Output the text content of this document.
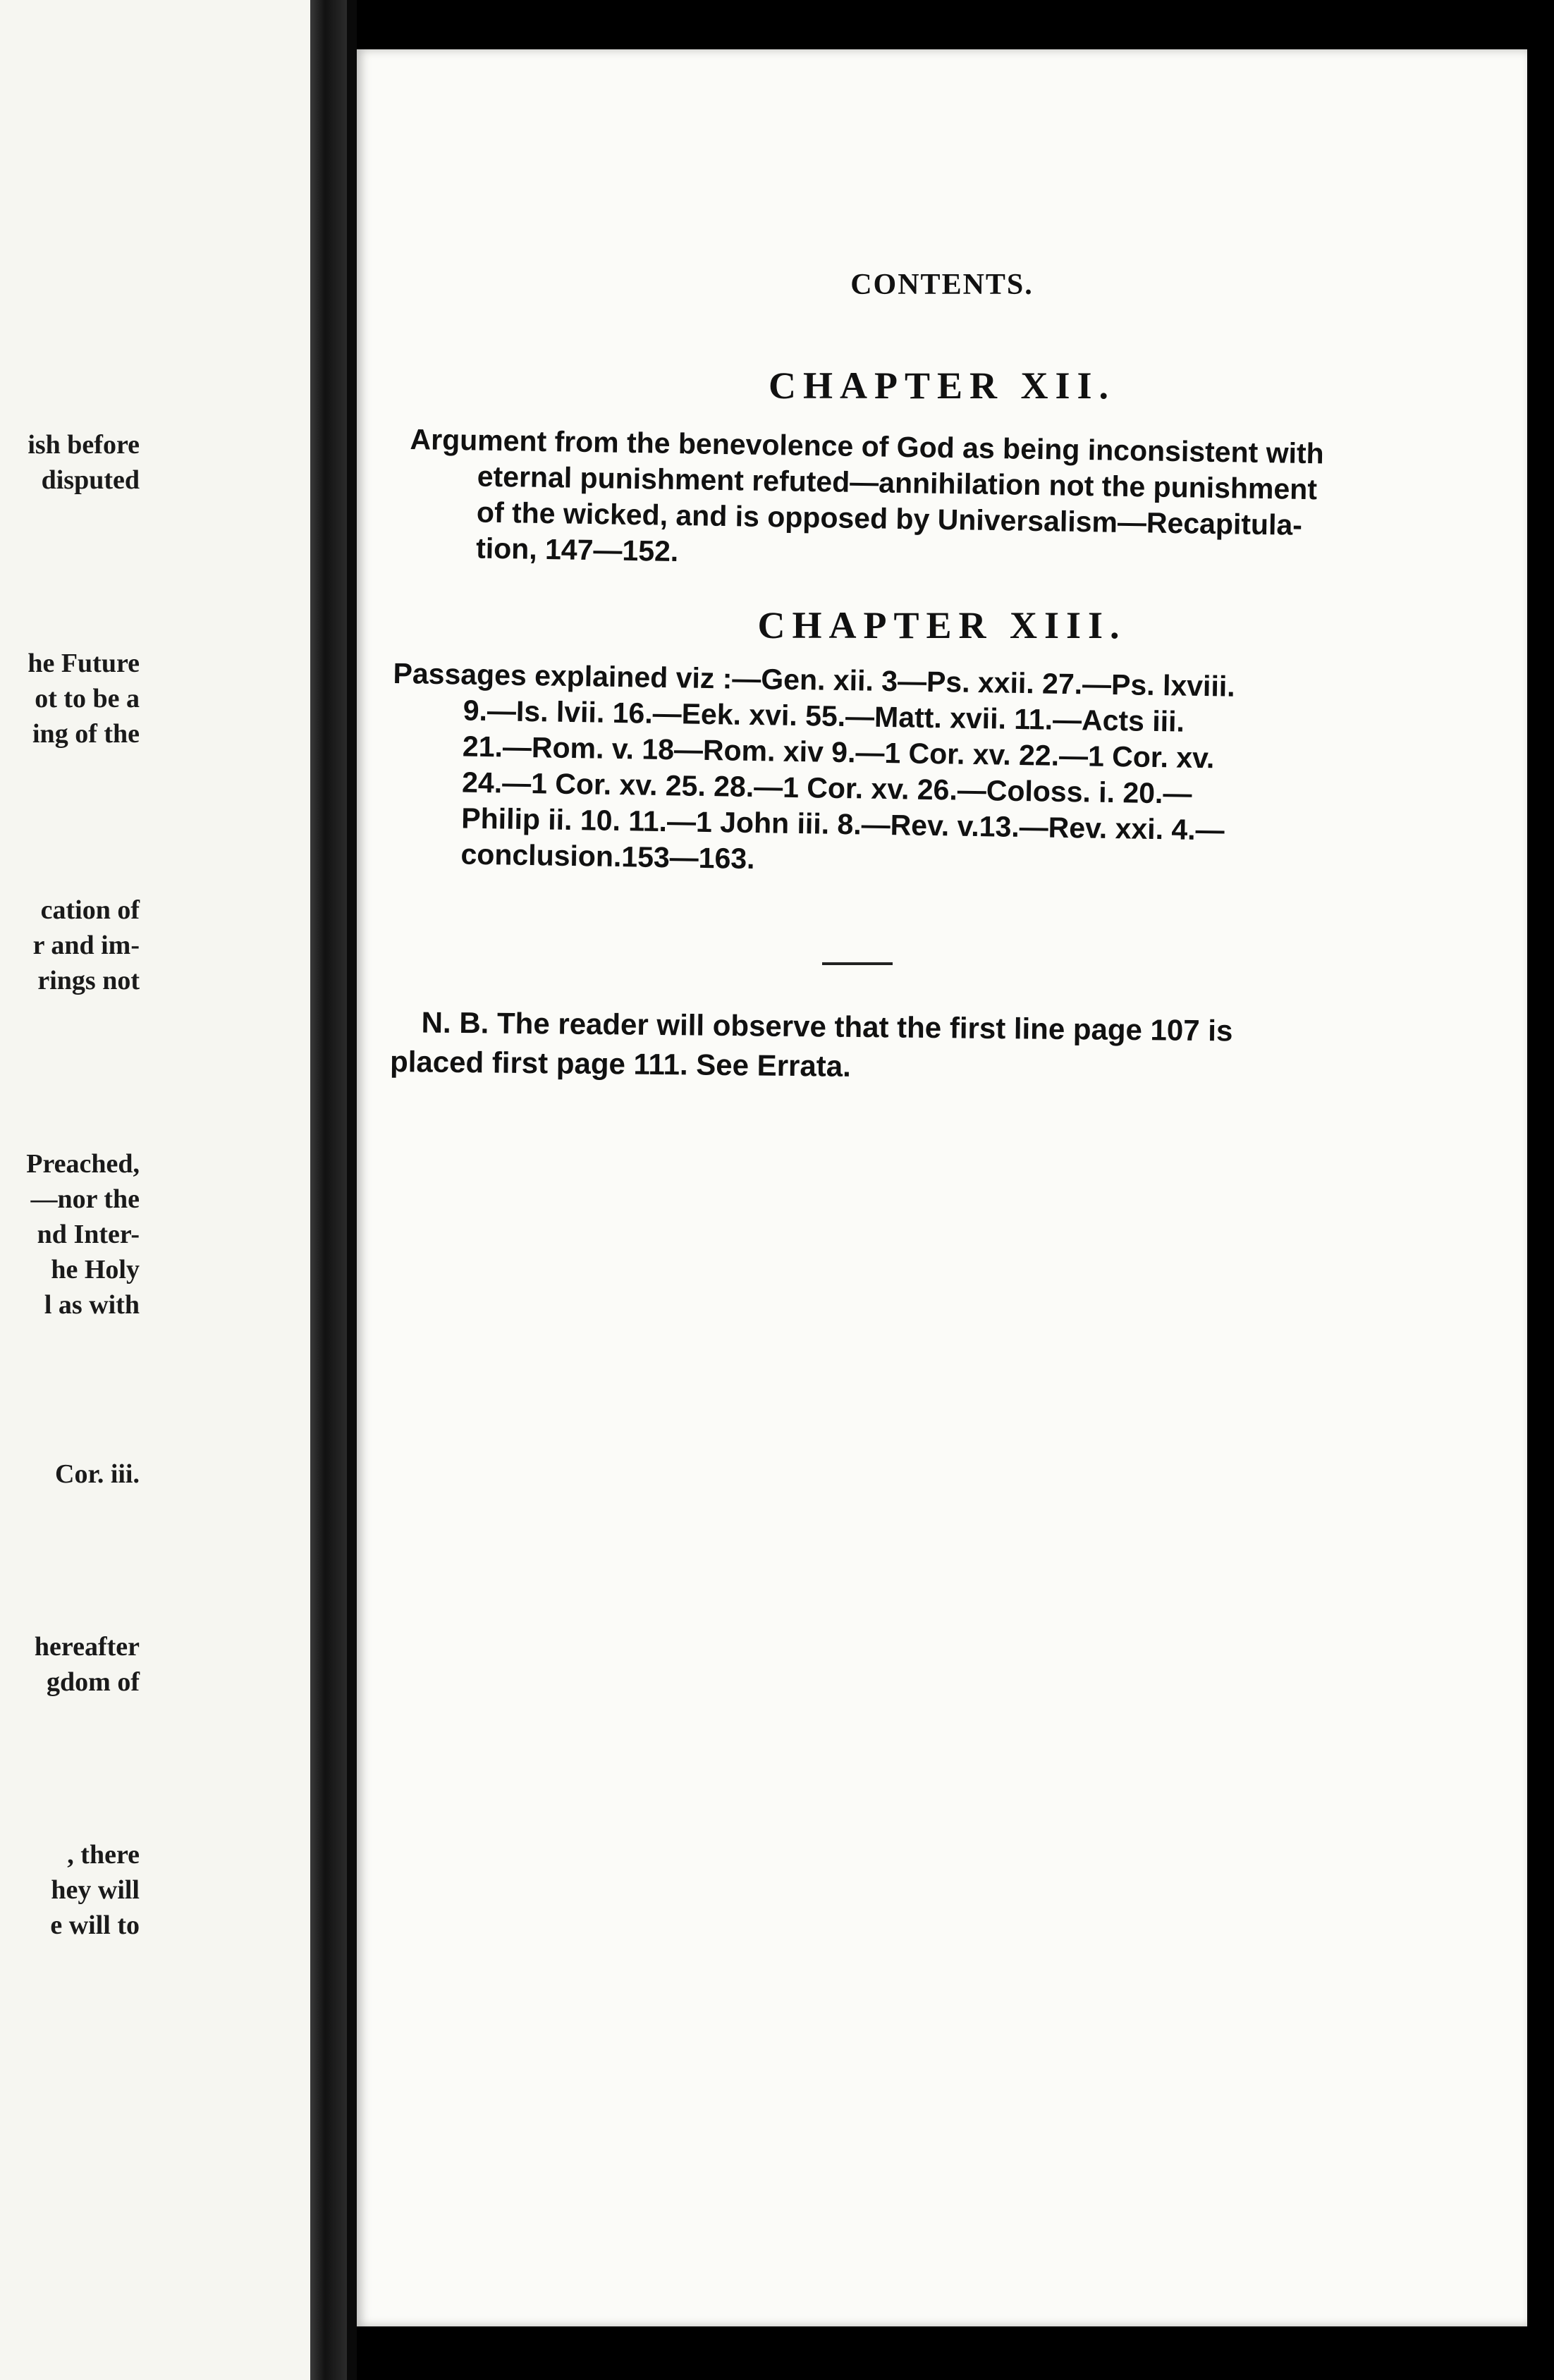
ish before
disputed
he Future
ot to be a
ing of the
cation of
r and im-
rings not
Preached,
—nor the
nd Inter-
he Holy
l as with
Cor. iii.
hereafter
gdom of
, there
hey will
e will to
CONTENTS.
CHAPTER XII.
Argument from the benevolence of God as being inconsistent with
eternal punishment refuted—annihilation not the punishment
of the wicked, and is opposed by Universalism—Recapitula-
tion, 147—152.
CHAPTER XIII.
Passages explained viz :—Gen. xii. 3—Ps. xxii. 27.—Ps. lxviii.
9.—Is. lvii. 16.—Eek. xvi. 55.—Matt. xvii. 11.—Acts iii.
21.—Rom. v. 18—Rom. xiv 9.—1 Cor. xv. 22.—1 Cor. xv.
24.—1 Cor. xv. 25. 28.—1 Cor. xv. 26.—Coloss. i. 20.—
Philip ii. 10. 11.—1 John iii. 8.—Rev. v.13.—Rev. xxi. 4.—
conclusion.153—163.
N. B. The reader will observe that the first line page 107 is
placed first page 111. See Errata.
